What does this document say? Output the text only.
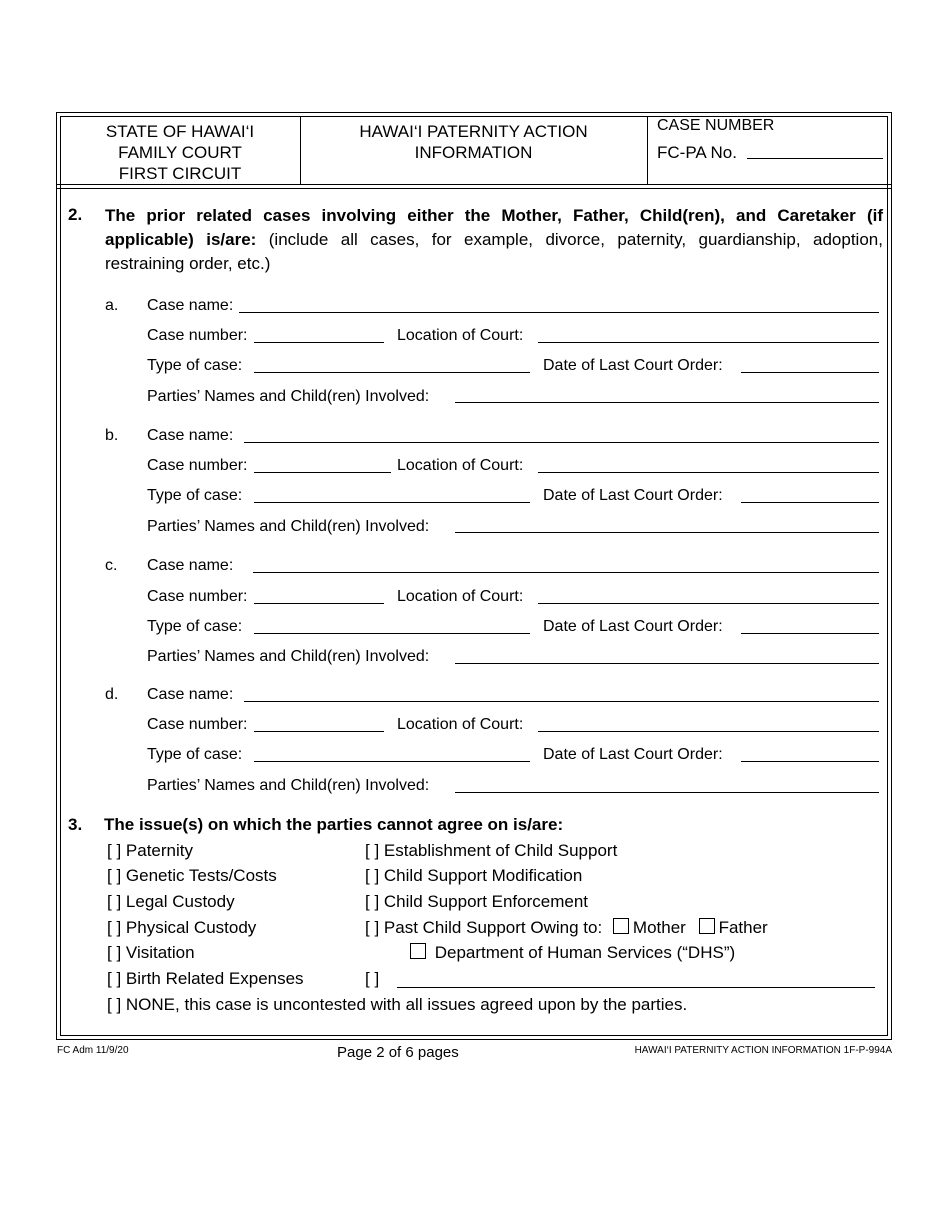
STATE OF HAWAI‘I
FAMILY COURT
FIRST CIRCUIT
HAWAI‘I PATERNITY ACTION
INFORMATION
CASE NUMBER
FC-PA No.
2. The prior related cases involving either the Mother, Father, Child(ren), and Caretaker (if applicable) is/are: (include all cases, for example, divorce, paternity, guardianship, adoption, restraining order, etc.)
a. Case name:
Case number:	Location of Court:
Type of case:	Date of Last Court Order:
Parties’ Names and Child(ren) Involved:
b. Case name:
Case number:	Location of Court:
Type of case:	Date of Last Court Order:
Parties’ Names and Child(ren) Involved:
c. Case name:
Case number:	Location of Court:
Type of case:	Date of Last Court Order:
Parties’ Names and Child(ren) Involved:
d. Case name:
Case number:	Location of Court:
Type of case:	Date of Last Court Order:
Parties’ Names and Child(ren) Involved:
3. The issue(s) on which the parties cannot agree on is/are:
[ ] Paternity
[ ] Genetic Tests/Costs
[ ] Legal Custody
[ ] Physical Custody
[ ] Visitation
[ ] Birth Related Expenses
[ ] Establishment of Child Support
[ ] Child Support Modification
[ ] Child Support Enforcement
[ ] Past Child Support Owing to: Mother Father
Department of Human Services (“DHS”)
[ ]
[ ] NONE, this case is uncontested with all issues agreed upon by the parties.
FC Adm 11/9/20	Page 2 of 6 pages	HAWAI‘I PATERNITY ACTION INFORMATION 1F-P-994A
